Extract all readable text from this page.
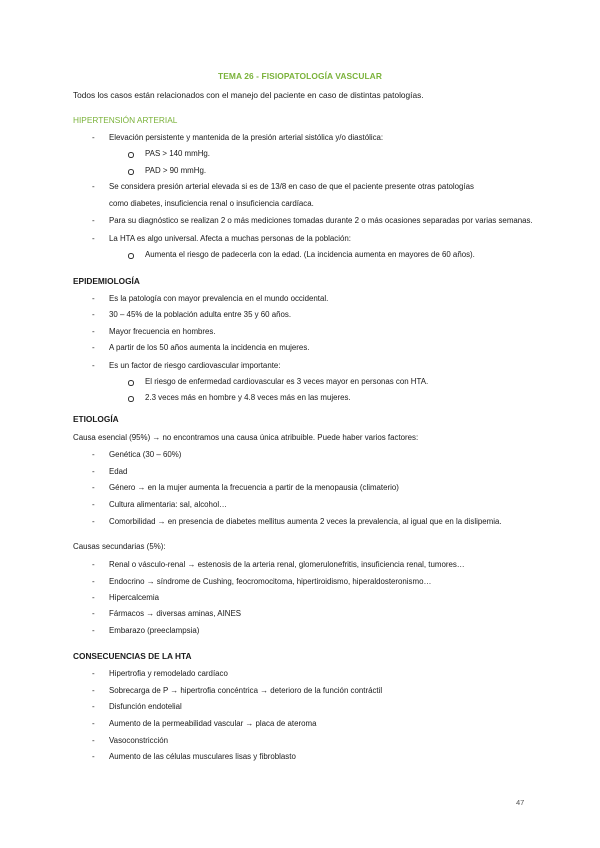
TEMA 26 - FISIOPATOLOGÍA VASCULAR
Todos los casos están relacionados con el manejo del paciente en caso de distintas patologías.
HIPERTENSIÓN ARTERIAL
- Elevación persistente y mantenida de la presión arterial sistólica y/o diastólica:
PAS > 140 mmHg.
PAD > 90 mmHg.
- Se considera presión arterial elevada si es de 13/8 en caso de que el paciente presente otras patologías
como diabetes, insuficiencia renal o insuficiencia cardíaca.
- Para su diagnóstico se realizan 2 o más mediciones tomadas durante 2 o más ocasiones separadas por varias semanas.
- La HTA es algo universal. Afecta a muchas personas de la población:
Aumenta el riesgo de padecerla con la edad. (La incidencia aumenta en mayores de 60 años).
EPIDEMIOLOGÍA
- Es la patología con mayor prevalencia en el mundo occidental.
- 30 – 45% de la población adulta entre 35 y 60 años.
- Mayor frecuencia en hombres.
- A partir de los 50 años aumenta la incidencia en mujeres.
- Es un factor de riesgo cardiovascular importante:
El riesgo de enfermedad cardiovascular es 3 veces mayor en personas con HTA.
2.3 veces más en hombre y 4.8 veces más en las mujeres.
ETIOLOGÍA
Causa esencial (95%) → no encontramos una causa única atribuible. Puede haber varios factores:
- Genética (30 – 60%)
- Edad
- Género → en la mujer aumenta la frecuencia a partir de la menopausia (climaterio)
- Cultura alimentaria: sal, alcohol…
- Comorbilidad → en presencia de diabetes mellitus aumenta 2 veces la prevalencia, al igual que en la dislipemia.
Causas secundarias (5%):
- Renal o vásculo-renal → estenosis de la arteria renal, glomerulonefritis, insuficiencia renal, tumores…
- Endocrino → síndrome de Cushing, feocromocitoma, hipertiroidismo, hiperaldosteronismo…
- Hipercalcemia
- Fármacos → diversas aminas, AINES
- Embarazo (preeclampsia)
CONSECUENCIAS DE LA HTA
- Hipertrofia y remodelado cardíaco
- Sobrecarga de P → hipertrofia concéntrica → deterioro de la función contráctil
- Disfunción endotelial
- Aumento de la permeabilidad vascular → placa de ateroma
- Vasoconstricción
- Aumento de las células musculares lisas y fibroblasto
47
